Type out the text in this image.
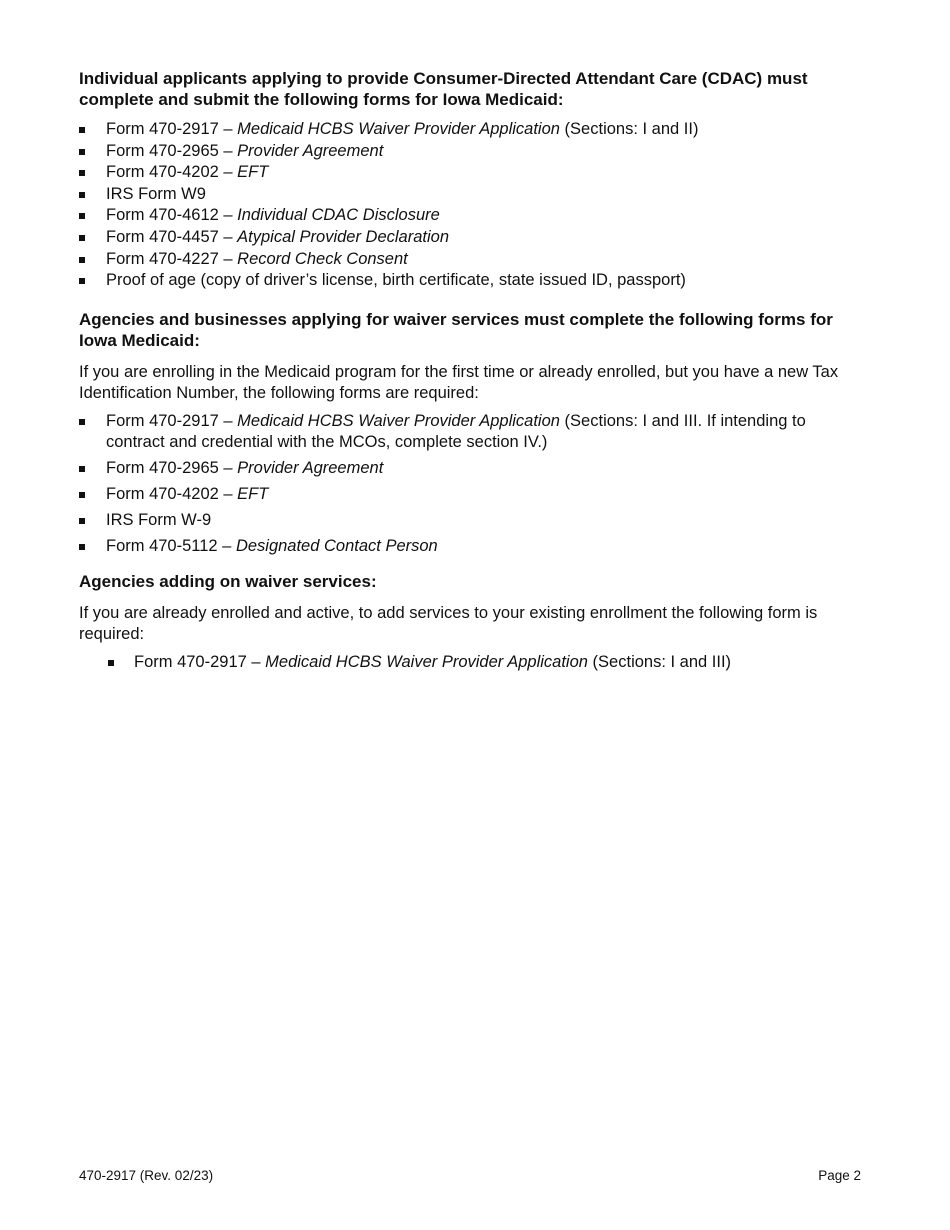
Individual applicants applying to provide Consumer-Directed Attendant Care (CDAC) must complete and submit the following forms for Iowa Medicaid:

Form 470-2917 – Medicaid HCBS Waiver Provider Application (Sections: I and II)
Form 470-2965 – Provider Agreement
Form 470-4202 – EFT
IRS Form W9
Form 470-4612 – Individual CDAC Disclosure
Form 470-4457 – Atypical Provider Declaration
Form 470-4227 – Record Check Consent
Proof of age (copy of driver’s license, birth certificate, state issued ID, passport)

Agencies and businesses applying for waiver services must complete the following forms for Iowa Medicaid:

If you are enrolling in the Medicaid program for the first time or already enrolled, but you have a new Tax Identification Number, the following forms are required:

Form 470-2917 – Medicaid HCBS Waiver Provider Application (Sections: I and III. If intending to contract and credential with the MCOs, complete section IV.)
Form 470-2965 – Provider Agreement
Form 470-4202 – EFT
IRS Form W-9
Form 470-5112 – Designated Contact Person

Agencies adding on waiver services:

If you are already enrolled and active, to add services to your existing enrollment the following form is required:

Form 470-2917 – Medicaid HCBS Waiver Provider Application (Sections: I and III)
470-2917 (Rev. 02/23)	Page 2
